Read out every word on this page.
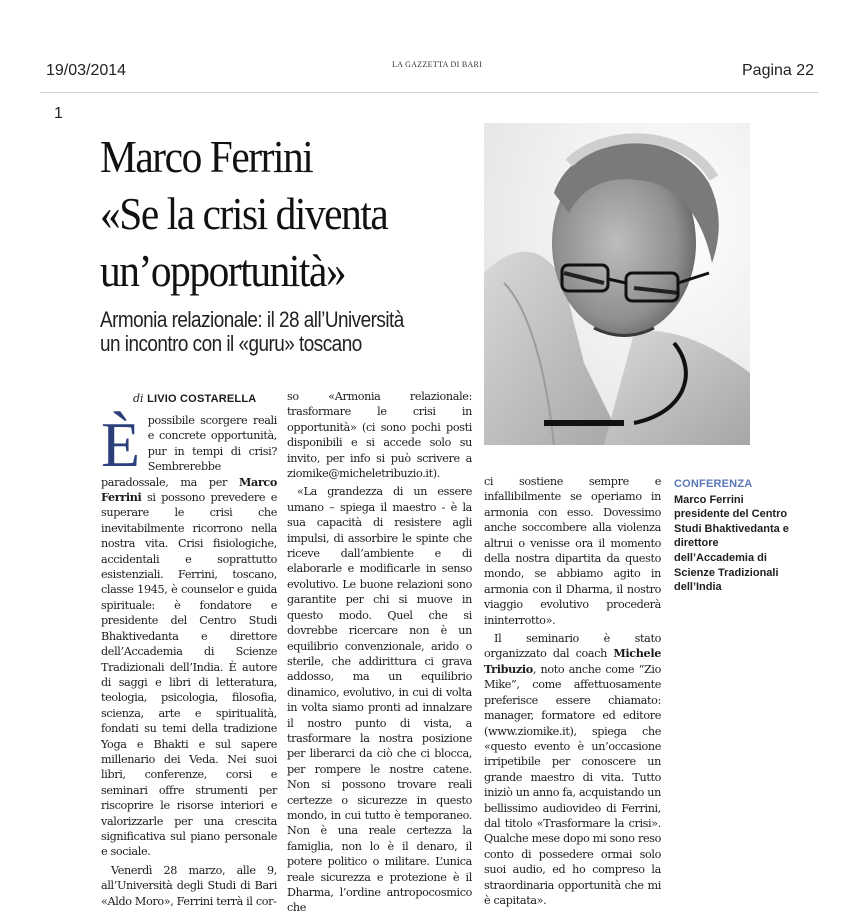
19/03/2014	LA GAZZETTA DI BARI	Pagina 22
1
Marco Ferrini
«Se la crisi diventa
un’opportunità»
Armonia relazionale: il 28 all’Università
un incontro con il «guru» toscano
di LIVIO COSTARELLA

È possibile scorgere reali e concrete opportunità, pur in tempi di crisi? Sembrerebbe paradossale, ma per Marco Ferrini si possono prevedere e superare le crisi che inevitabilmente ricorrono nella nostra vita. Crisi fisiologiche, accidentali e soprattutto esistenziali. Ferrini, toscano, classe 1945, è counselor e guida spirituale: è fondatore e presidente del Centro Studi Bhaktivedanta e direttore dell’Accademia di Scienze Tradizionali dell’India. È autore di saggi e libri di letteratura, teologia, psicologia, filosofia, scienza, arte e spiritualità, fondati su temi della tradizione Yoga e Bhakti e sul sapere millenario dei Veda. Nei suoi libri, conferenze, corsi e seminari offre strumenti per riscoprire le risorse interiori e valorizzarle per una crescita significativa sul piano personale e sociale.

Venerdì 28 marzo, alle 9, all’Università degli Studi di Bari «Aldo Moro», Ferrini terrà il cor-

so «Armonia relazionale: trasformare le crisi in opportunità» (ci sono pochi posti disponibili e si accede solo su invito, per info si può scrivere a ziomike@micheletribuzio.it).

«La grandezza di un essere umano – spiega il maestro - è la sua capacità di resistere agli impulsi, di assorbire le spinte che riceve dall’ambiente e di elaborarle e modificarle in senso evolutivo. Le buone relazioni sono garantite per chi si muove in questo modo. Quel che si dovrebbe ricercare non è un equilibrio convenzionale, arido o sterile, che addirittura ci grava addosso, ma un equilibrio dinamico, evolutivo, in cui di volta in volta siamo pronti ad innalzare il nostro punto di vista, a trasformare la nostra posizione per liberarci da ciò che ci blocca, per rompere le nostre catene. Non si possono trovare reali certezze o sicurezze in questo mondo, in cui tutto è temporaneo. Non è una reale certezza la famiglia, non lo è il denaro, il potere politico o militare. L’unica reale sicurezza e protezione è il Dharma, l’ordine antropocosmico che

ci sostiene sempre e infallibilmente se operiamo in armonia con esso. Dovessimo anche soccombere alla violenza altrui o venisse ora il momento della nostra dipartita da questo mondo, se abbiamo agito in armonia con il Dharma, il nostro viaggio evolutivo procederà ininterrotto».

Il seminario è stato organizzato dal coach Michele Tribuzio, noto anche come “Zio Mike”, come affettuosamente preferisce essere chiamato: manager, formatore ed editore (www.ziomike.it), spiega che «questo evento è un’occasione irripetibile per conoscere un grande maestro di vita. Tutto iniziò un anno fa, acquistando un bellissimo audiovideo di Ferrini, dal titolo «Trasformare la crisi». Qualche mese dopo mi sono reso conto di possedere ormai solo suoi audio, ed ho compreso la straordinaria opportunità che mi è capitata».

CONFERENZA
Marco Ferrini presidente del Centro Studi Bhaktivedanta e direttore dell’Accademia di Scienze Tradizionali dell’India
